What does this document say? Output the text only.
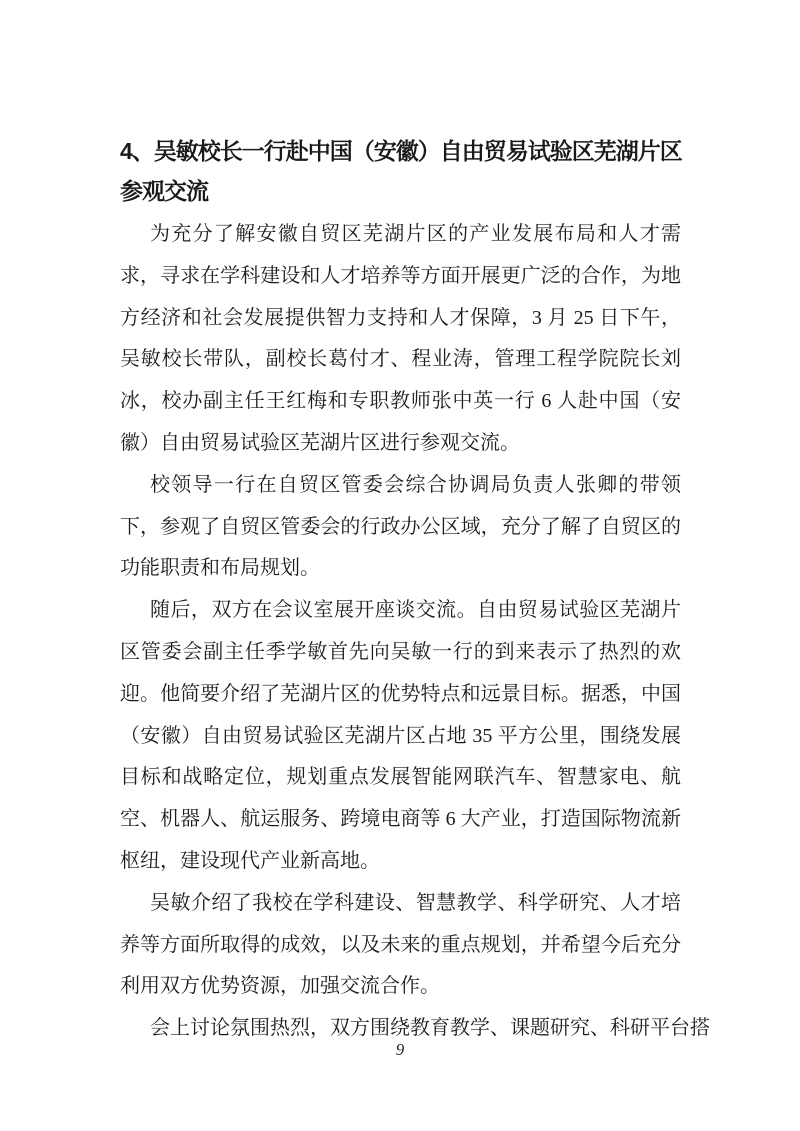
4、吴敏校长一行赴中国（安徽）自由贸易试验区芜湖片区
参观交流

为充分了解安徽自贸区芜湖片区的产业发展布局和人才需求，寻求在学科建设和人才培养等方面开展更广泛的合作，为地方经济和社会发展提供智力支持和人才保障，3 月 25 日下午，吴敏校长带队，副校长葛付才、程业涛，管理工程学院院长刘冰，校办副主任王红梅和专职教师张中英一行 6 人赴中国（安徽）自由贸易试验区芜湖片区进行参观交流。

校领导一行在自贸区管委会综合协调局负责人张卿的带领下，参观了自贸区管委会的行政办公区域，充分了解了自贸区的功能职责和布局规划。

随后，双方在会议室展开座谈交流。自由贸易试验区芜湖片区管委会副主任季学敏首先向吴敏一行的到来表示了热烈的欢迎。他简要介绍了芜湖片区的优势特点和远景目标。据悉，中国（安徽）自由贸易试验区芜湖片区占地 35 平方公里，围绕发展目标和战略定位，规划重点发展智能网联汽车、智慧家电、航空、机器人、航运服务、跨境电商等 6 大产业，打造国际物流新枢纽，建设现代产业新高地。

吴敏介绍了我校在学科建设、智慧教学、科学研究、人才培养等方面所取得的成效，以及未来的重点规划，并希望今后充分利用双方优势资源，加强交流合作。

会上讨论氛围热烈，双方围绕教育教学、课题研究、科研平台搭

9
